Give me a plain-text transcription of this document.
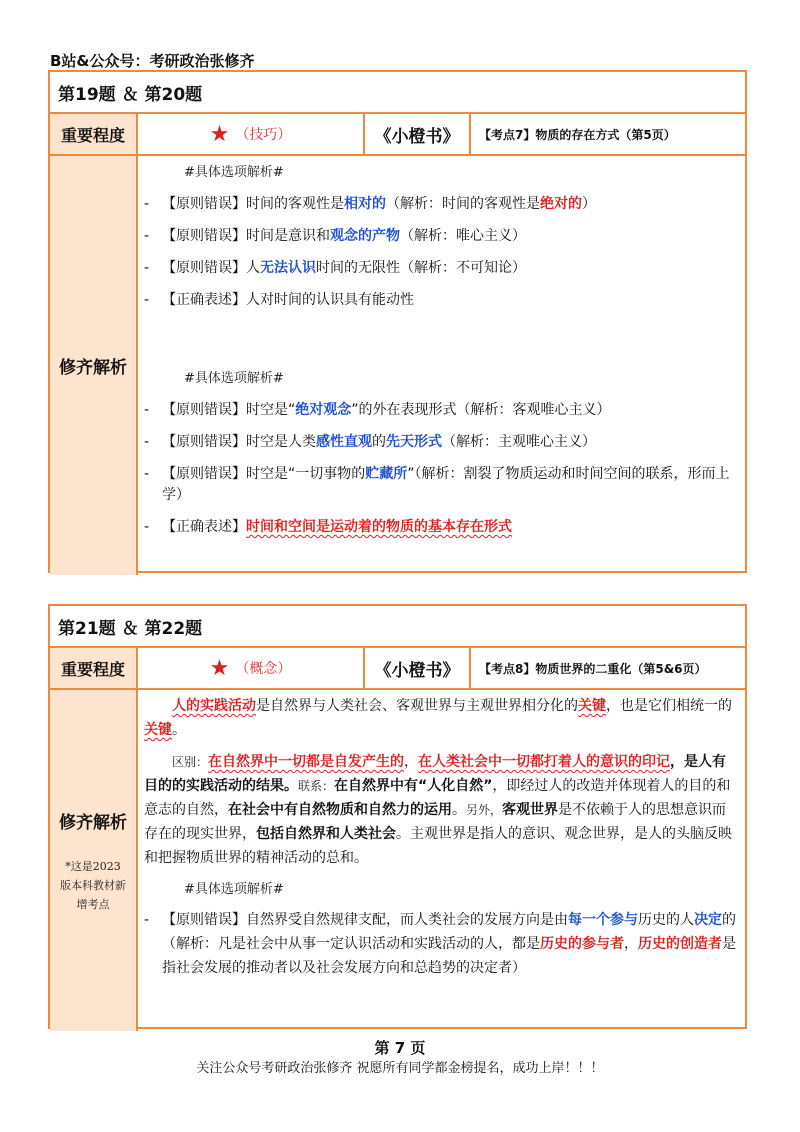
B站&公众号：考研政治张修齐
第19题 ＆ 第20题
重要程度	★ （技巧）	《小橙书》	【考点7】物质的存在方式（第5页）
修齐解析
#具体选项解析#
- 【原则错误】时间的客观性是相对的（解析：时间的客观性是绝对的）
- 【原则错误】时间是意识和观念的产物（解析：唯心主义）
- 【原则错误】人无法认识时间的无限性（解析：不可知论）
- 【正确表述】人对时间的认识具有能动性
#具体选项解析#
- 【原则错误】时空是“绝对观念”的外在表现形式（解析：客观唯心主义）
- 【原则错误】时空是人类感性直观的先天形式（解析：主观唯心主义）
- 【原则错误】时空是“一切事物的贮藏所”（解析：割裂了物质运动和时间空间的联系，形而上学）
- 【正确表述】时间和空间是运动着的物质的基本存在形式
第21题 ＆ 第22题
重要程度	★ （概念）	《小橙书》	【考点8】物质世界的二重化（第5&6页）
修齐解析
*这是2023版本科教材新增考点

人的实践活动是自然界与人类社会、客观世界与主观世界相分化的关键，也是它们相统一的关键。

区别：在自然界中一切都是自发产生的，在人类社会中一切都打着人的意识的印记，是人有目的的实践活动的结果。联系：在自然界中有“人化自然”，即经过人的改造并体现着人的目的和意志的自然，在社会中有自然物质和自然力的运用。另外，客观世界是不依赖于人的思想意识而存在的现实世界，包括自然界和人类社会。主观世界是指人的意识、观念世界，是人的头脑反映和把握物质世界的精神活动的总和。

#具体选项解析#
- 【原则错误】自然界受自然规律支配，而人类社会的发展方向是由每一个参与历史的人决定的（解析：凡是社会中从事一定认识活动和实践活动的人，都是历史的参与者，历史的创造者是指社会发展的推动者以及社会发展方向和总趋势的决定者）
第 7 页
关注公众号考研政治张修齐 祝愿所有同学都金榜提名，成功上岸！！！
